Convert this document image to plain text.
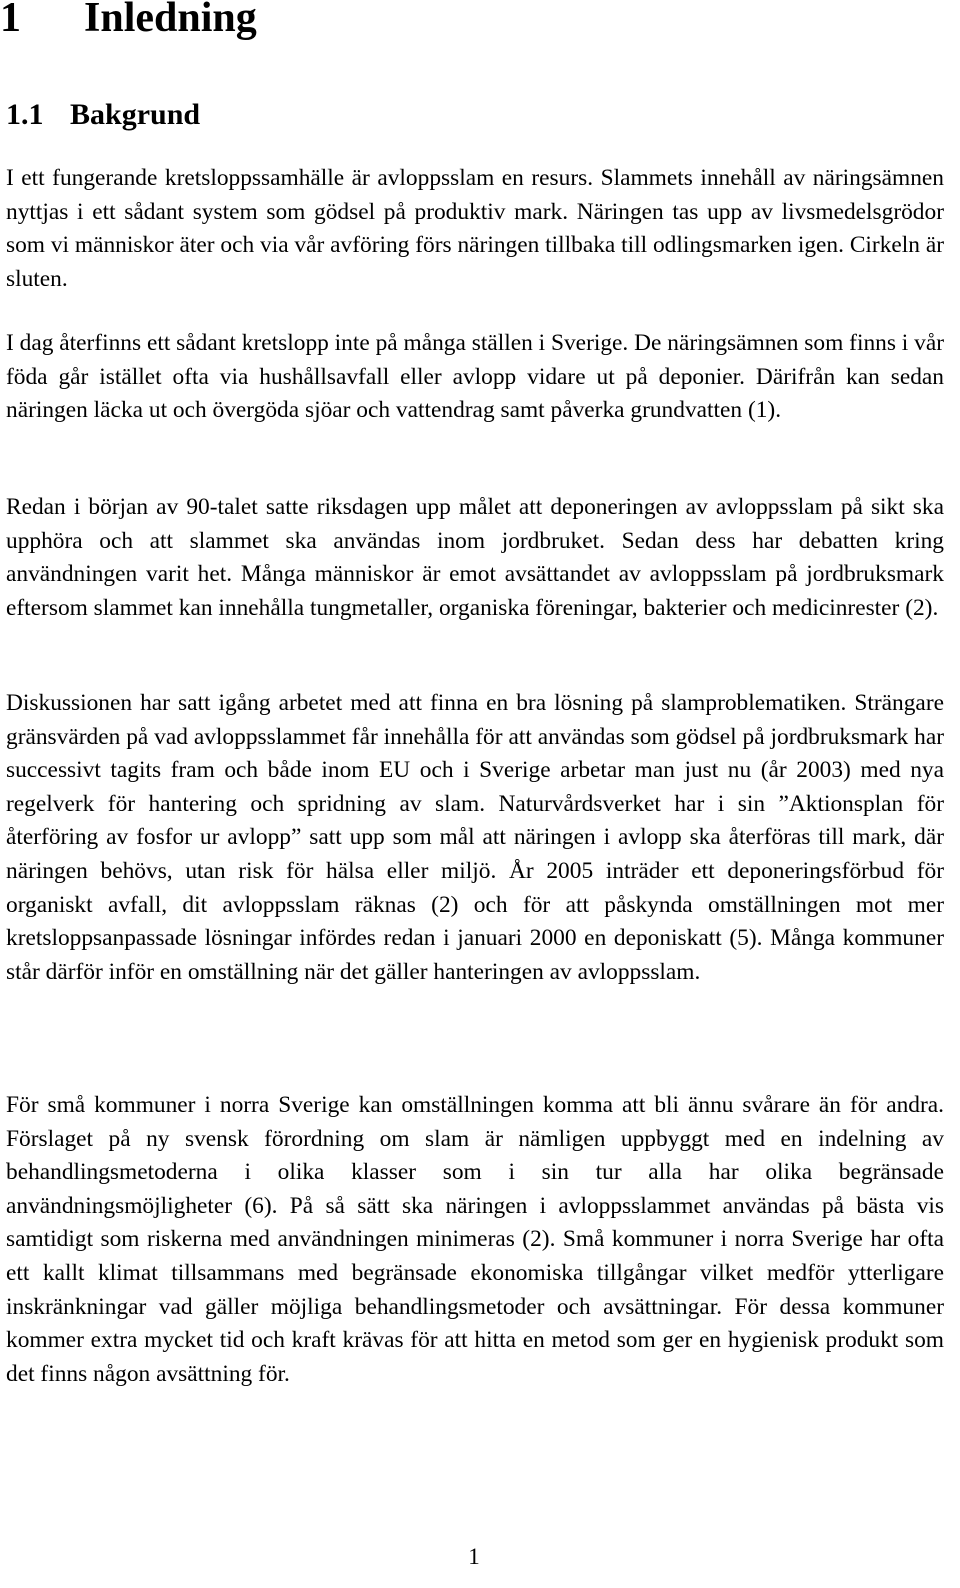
1 Inledning
1.1 Bakgrund

I ett fungerande kretsloppssamhälle är avloppsslam en resurs. Slammets innehåll av näringsämnen nyttjas i ett sådant system som gödsel på produktiv mark. Näringen tas upp av livsmedelsgrödor som vi människor äter och via vår avföring förs näringen tillbaka till odlingsmarken igen. Cirkeln är sluten.

I dag återfinns ett sådant kretslopp inte på många ställen i Sverige. De näringsämnen som finns i vår föda går istället ofta via hushållsavfall eller avlopp vidare ut på deponier. Därifrån kan sedan näringen läcka ut och övergöda sjöar och vattendrag samt påverka grundvatten (1).

Redan i början av 90-talet satte riksdagen upp målet att deponeringen av avloppsslam på sikt ska upphöra och att slammet ska användas inom jordbruket. Sedan dess har debatten kring användningen varit het. Många människor är emot avsättandet av avloppsslam på jordbruksmark eftersom slammet kan innehålla tungmetaller, organiska föreningar, bakterier och medicinrester (2).

Diskussionen har satt igång arbetet med att finna en bra lösning på slamproblematiken. Strängare gränsvärden på vad avloppsslammet får innehålla för att användas som gödsel på jordbruksmark har successivt tagits fram och både inom EU och i Sverige arbetar man just nu (år 2003) med nya regelverk för hantering och spridning av slam. Naturvårdsverket har i sin ”Aktionsplan för återföring av fosfor ur avlopp” satt upp som mål att näringen i avlopp ska återföras till mark, där näringen behövs, utan risk för hälsa eller miljö. År 2005 inträder ett deponeringsförbud för organiskt avfall, dit avloppsslam räknas (2) och för att påskynda omställningen mot mer kretsloppsanpassade lösningar infördes redan i januari 2000 en deponiskatt (5). Många kommuner står därför inför en omställning när det gäller hanteringen av avloppsslam.

För små kommuner i norra Sverige kan omställningen komma att bli ännu svårare än för andra. Förslaget på ny svensk förordning om slam är nämligen uppbyggt med en indelning av behandlingsmetoderna i olika klasser som i sin tur alla har olika begränsade användningsmöjligheter (6). På så sätt ska näringen i avloppsslammet användas på bästa vis samtidigt som riskerna med användningen minimeras (2). Små kommuner i norra Sverige har ofta ett kallt klimat tillsammans med begränsade ekonomiska tillgångar vilket medför ytterligare inskränkningar vad gäller möjliga behandlingsmetoder och avsättningar. För dessa kommuner kommer extra mycket tid och kraft krävas för att hitta en metod som ger en hygienisk produkt som det finns någon avsättning för.

1
